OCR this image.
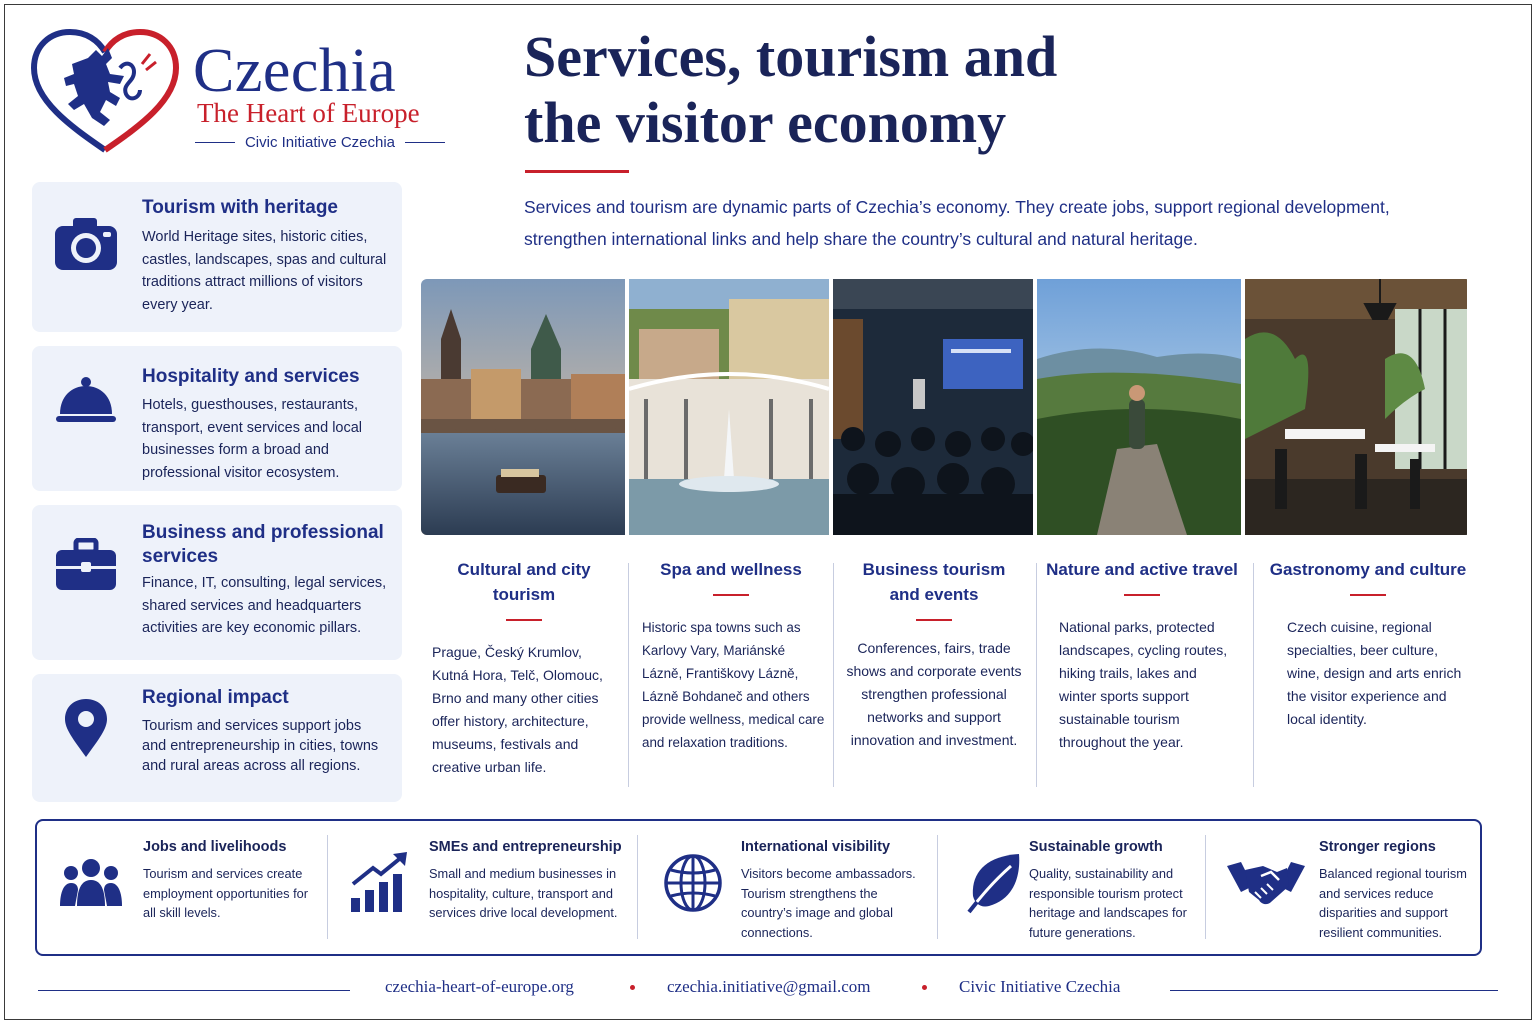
Czechia
The Heart of Europe
Civic Initiative Czechia
Services, tourism and
the visitor economy
Services and tourism are dynamic parts of Czechia’s economy. They create jobs, support regional development, strengthen international links and help share the country’s cultural and natural heritage.
Tourism with heritage

World Heritage sites, historic cities, castles, landscapes, spas and cultural traditions attract millions of visitors every year.

Hospitality and services

Hotels, guesthouses, restaurants, transport, event services and local businesses form a broad and professional visitor ecosystem.

Business and professional services

Finance, IT, consulting, legal services, shared services and headquarters activities are key economic pillars.

Regional impact

Tourism and services support jobs and entrepreneurship in cities, towns and rural areas across all regions.

Cultural and city tourism

Prague, Český Krumlov, Kutná Hora, Telč, Olomouc, Brno and many other cities offer history, architecture, museums, festivals and creative urban life.

Spa and wellness

Historic spa towns such as Karlovy Vary, Mariánské Lázně, Františkovy Lázně, Lázně Bohdaneč and others provide wellness, medical care and relaxation traditions.

Business tourism and events

Conferences, fairs, trade shows and corporate events strengthen professional networks and support innovation and investment.

Nature and active travel

National parks, protected landscapes, cycling routes, hiking trails, lakes and winter sports support sustainable tourism throughout the year.

Gastronomy and culture

Czech cuisine, regional specialties, beer culture, wine, design and arts enrich the visitor experience and local identity.

Jobs and livelihoods

Tourism and services create employment opportunities for all skill levels.

SMEs and entrepreneurship

Small and medium businesses in hospitality, culture, transport and services drive local development.

International visibility

Visitors become ambassadors. Tourism strengthens the country’s image and global connections.

Sustainable growth

Quality, sustainability and responsible tourism protect heritage and landscapes for future generations.

Stronger regions

Balanced regional tourism and services reduce disparities and support resilient communities.

czechia-heart-of-europe.org	czechia.initiative@gmail.com	Civic Initiative Czechia
